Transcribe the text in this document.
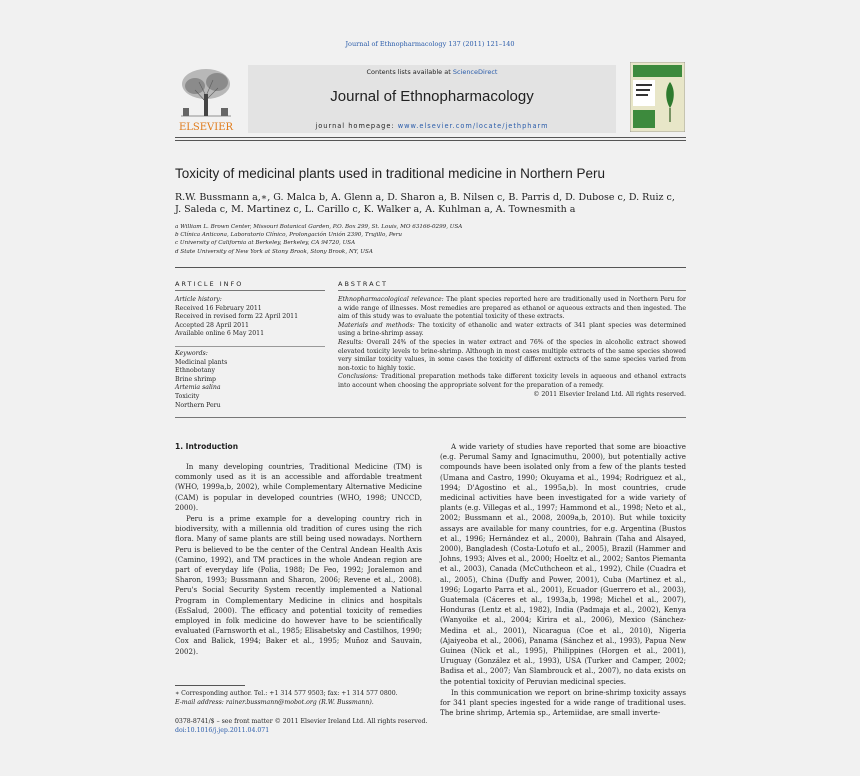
Journal of Ethnopharmacology 137 (2011) 121–140
ELSEVIER
Contents lists available at ScienceDirect
Journal of Ethnopharmacology
journal homepage: www.elsevier.com/locate/jethpharm
Toxicity of medicinal plants used in traditional medicine in Northern Peru
R.W. Bussmann a,∗, G. Malca b, A. Glenn a, D. Sharon a, B. Nilsen c, B. Parris d, D. Dubose c, D. Ruiz c,
J. Saleda c, M. Martinez c, L. Carillo c, K. Walker a, A. Kuhlman a, A. Townesmith a
a William L. Brown Center, Missouri Botanical Garden, P.O. Box 299, St. Louis, MO 63166-0299, USA
b Clínica Anticona, Laboratorio Clínico, Prolongación Unión 2390, Trujillo, Peru
c University of California at Berkeley, Berkeley, CA 94720, USA
d State University of New York at Stony Brook, Stony Brook, NY, USA
ARTICLE INFO	ABSTRACT
Article history:
Received 16 February 2011
Received in revised form 22 April 2011
Accepted 28 April 2011
Available online 6 May 2011
Keywords:
Medicinal plants
Ethnobotany
Brine shrimp
Artemia salina
Toxicity
Northern Peru

Ethnopharmacological relevance: The plant species reported here are traditionally used in Northern Peru for a wide range of illnesses. Most remedies are prepared as ethanol or aqueous extracts and then ingested. The aim of this study was to evaluate the potential toxicity of these extracts.

Materials and methods: The toxicity of ethanolic and water extracts of 341 plant species was determined using a brine-shrimp assay.

Results: Overall 24% of the species in water extract and 76% of the species in alcoholic extract showed elevated toxicity levels to brine-shrimp. Although in most cases multiple extracts of the same species showed very similar toxicity values, in some cases the toxicity of different extracts of the same species varied from non-toxic to highly toxic.

Conclusions: Traditional preparation methods take different toxicity levels in aqueous and ethanol extracts into account when choosing the appropriate solvent for the preparation of a remedy.

© 2011 Elsevier Ireland Ltd. All rights reserved.

1. Introduction

In many developing countries, Traditional Medicine (TM) is commonly used as it is an accessible and affordable treatment (WHO, 1999a,b, 2002), while Complementary Alternative Medicine (CAM) is popular in developed countries (WHO, 1998; UNCCD, 2000).

Peru is a prime example for a developing country rich in biodiversity, with a millennia old tradition of cures using the rich flora. Many of same plants are still being used nowadays. Northern Peru is believed to be the center of the Central Andean Health Axis (Camino, 1992), and TM practices in the whole Andean region are part of everyday life (Polia, 1988; De Feo, 1992; Joralemon and Sharon, 1993; Bussmann and Sharon, 2006; Revene et al., 2008). Peru's Social Security System recently implemented a National Program in Complementary Medicine in clinics and hospitals (EsSalud, 2000). The efficacy and potential toxicity of remedies employed in folk medicine do however have to be scientifically evaluated (Farnsworth et al., 1985; Elisabetsky and Castilhos, 1990; Cox and Balick, 1994; Baker et al., 1995; Muñoz and Sauvain, 2002).

A wide variety of studies have reported that some are bioactive (e.g. Perumal Samy and Ignacimuthu, 2000), but potentially active compounds have been isolated only from a few of the plants tested (Umana and Castro, 1990; Okuyama et al., 1994; Rodriguez et al., 1994; D'Agostino et al., 1995a,b). In most countries, crude medicinal activities have been investigated for a wide variety of plants (e.g. Villegas et al., 1997; Hammond et al., 1998; Neto et al., 2002; Bussmann et al., 2008, 2009a,b, 2010). But while toxicity assays are available for many countries, for e.g. Argentina (Bustos et al., 1996; Hernández et al., 2000), Bahrain (Taha and Alsayed, 2000), Bangladesh (Costa-Lotufo et al., 2005), Brazil (Hammer and Johns, 1993; Alves et al., 2000; Hoeltz et al., 2002; Santos Piemanta et al., 2003), Canada (McCuthcheon et al., 1992), Chile (Cuadra et al., 2005), China (Duffy and Power, 2001), Cuba (Martinez et al., 1996; Logarto Parra et al., 2001), Ecuador (Guerrero et al., 2003), Guatemala (Cáceres et al., 1993a,b, 1998; Michel et al., 2007), Honduras (Lentz et al., 1982), India (Padmaja et al., 2002), Kenya (Wanyoike et al., 2004; Kirira et al., 2006), Mexico (Sánchez-Medina et al., 2001), Nicaragua (Coe et al., 2010), Nigeria (Ajaiyeoba et al., 2006), Panama (Sánchez et al., 1993), Papua New Guinea (Nick et al., 1995), Philippines (Horgen et al., 2001), Uruguay (González et al., 1993), USA (Turker and Camper, 2002; Badisa et al., 2007; Van Slambrouck et al., 2007), no data exists on the potential toxicity of Peruvian medicinal species.

In this communication we report on brine-shrimp toxicity assays for 341 plant species ingested for a wide range of traditional uses. The brine shrimp, Artemia sp., Artemiidae, are small inverte-

∗ Corresponding author. Tel.: +1 314 577 9503; fax: +1 314 577 0800.
E-mail address: rainer.bussmann@mobot.org (R.W. Bussmann).
0378-8741/$ – see front matter © 2011 Elsevier Ireland Ltd. All rights reserved.
doi:10.1016/j.jep.2011.04.071
